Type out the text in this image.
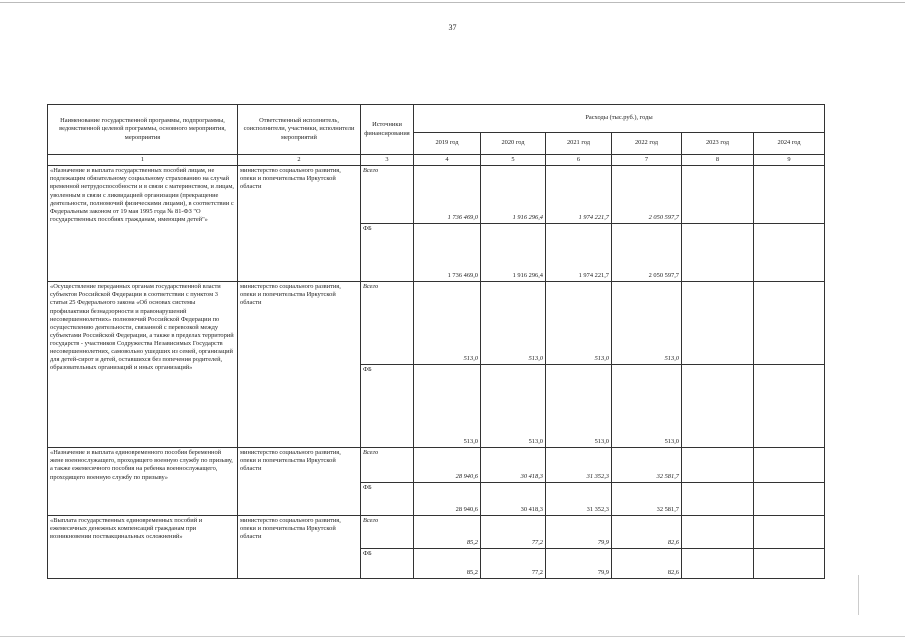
37
Наименование государственной программы, подпрограммы, ведомственной целевой программы, основного мероприятия, мероприятия	Ответственный исполнитель, соисполнители, участники, исполнители мероприятий	Источники финансирования	Расходы (тыс.руб.), годы					
			2019 год	2020 год	2021 год	2022 год	2023 год	2024 год
1	2	3	4	5	6	7	8	9
«Назначение и выплата государственных пособий лицам, не подлежащим обязательному социальному страхованию на случай временной нетрудоспособности и в связи с материнством, и лицам, уволенным в связи с ликвидацией организации (прекращение деятельности, полномочий физическими лицами), в соответствии с Федеральным законом от 19 мая 1995 года № 81-ФЗ "О государственных пособиях гражданам, имеющим детей"»	министерство социального развития, опеки и попечительства Иркутской области	Всего	1 736 469,0	1 916 296,4	1 974 221,7	2 050 597,7		
		ФБ	1 736 469,0	1 916 296,4	1 974 221,7	2 050 597,7		
«Осуществление переданных органам государственной власти субъектов Российской Федерации в соответствии с пунктом 3 статьи 25 Федерального закона «Об основах системы профилактики безнадзорности и правонарушений несовершеннолетних» полномочий Российской Федерации по осуществлению деятельности, связанной с перевозкой между субъектами Российской Федерации, а также в пределах территорий государств - участников Содружества Независимых Государств несовершеннолетних, самовольно ушедших из семей, организаций для детей-сирот и детей, оставшихся без попечения родителей, образовательных организаций и иных организаций»	министерство социального развития, опеки и попечительства Иркутской области	Всего	513,0	513,0	513,0	513,0		
		ФБ	513,0	513,0	513,0	513,0		
«Назначение и выплата единовременного пособия беременной жене военнослужащего, проходящего военную службу по призыву, а также ежемесячного пособия на ребенка военнослужащего, проходящего военную службу по призыву»	министерство социального развития, опеки и попечительства Иркутской области	Всего	28 940,6	30 418,3	31 352,3	32 581,7		
		ФБ	28 940,6	30 418,3	31 352,3	32 581,7		
«Выплата государственных единовременных пособий и ежемесячных денежных компенсаций гражданам при возникновении поствакцинальных осложнений»	министерство социального развития, опеки и попечительства Иркутской области	Всего	85,2	77,2	79,9	82,6		
		ФБ	85,2	77,2	79,9	82,6		
